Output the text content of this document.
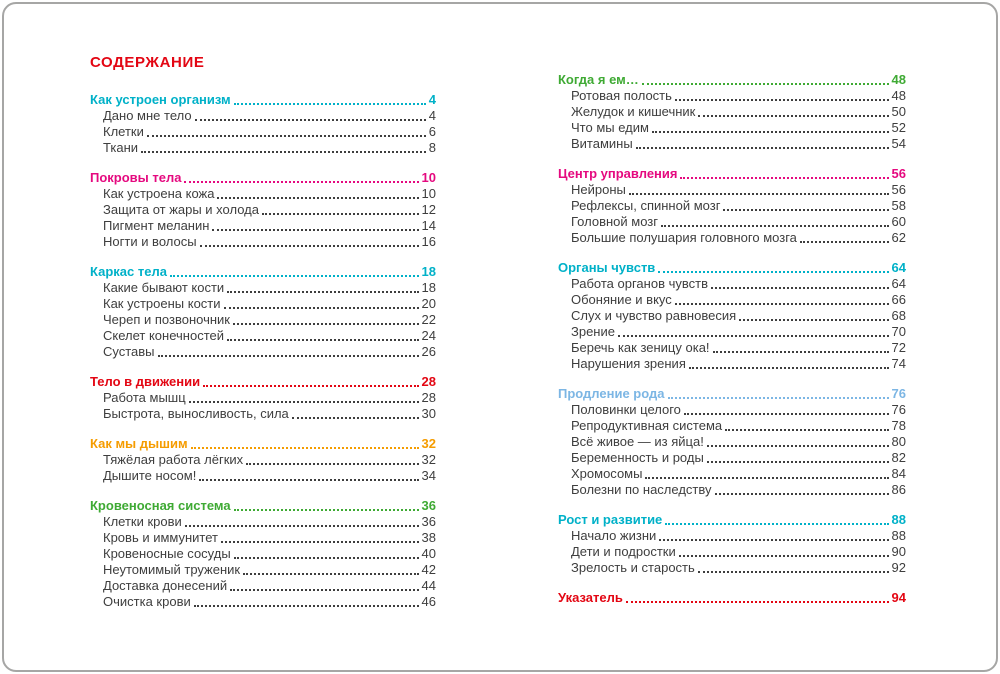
СОДЕРЖАНИЕ
Как устроен организм	4
Дано мне тело	4
Клетки	6
Ткани	8
Покровы тела	10
Как устроена кожа	10
Защита от жары и холода	12
Пигмент меланин	14
Ногти и волосы	16
Каркас тела	18
Какие бывают кости	18
Как устроены кости	20
Череп и позвоночник	22
Скелет конечностей	24
Суставы	26
Тело в движении	28
Работа мышц	28
Быстрота, выносливость, сила	30
Как мы дышим	32
Тяжёлая работа лёгких	32
Дышите носом!	34
Кровеносная система	36
Клетки крови	36
Кровь и иммунитет	38
Кровеносные сосуды	40
Неутомимый труженик	42
Доставка донесений	44
Очистка крови	46
Когда я ем…	48
Ротовая полость	48
Желудок и кишечник	50
Что мы едим	52
Витамины	54
Центр управления	56
Нейроны	56
Рефлексы, спинной мозг	58
Головной мозг	60
Большие полушария головного мозга	62
Органы чувств	64
Работа органов чувств	64
Обоняние и вкус	66
Слух и чувство равновесия	68
Зрение	70
Беречь как зеницу ока!	72
Нарушения зрения	74
Продление рода	76
Половинки целого	76
Репродуктивная система	78
Всё живое — из яйца!	80
Беременность и роды	82
Хромосомы	84
Болезни по наследству	86
Рост и развитие	88
Начало жизни	88
Дети и подростки	90
Зрелость и старость	92
Указатель	94
